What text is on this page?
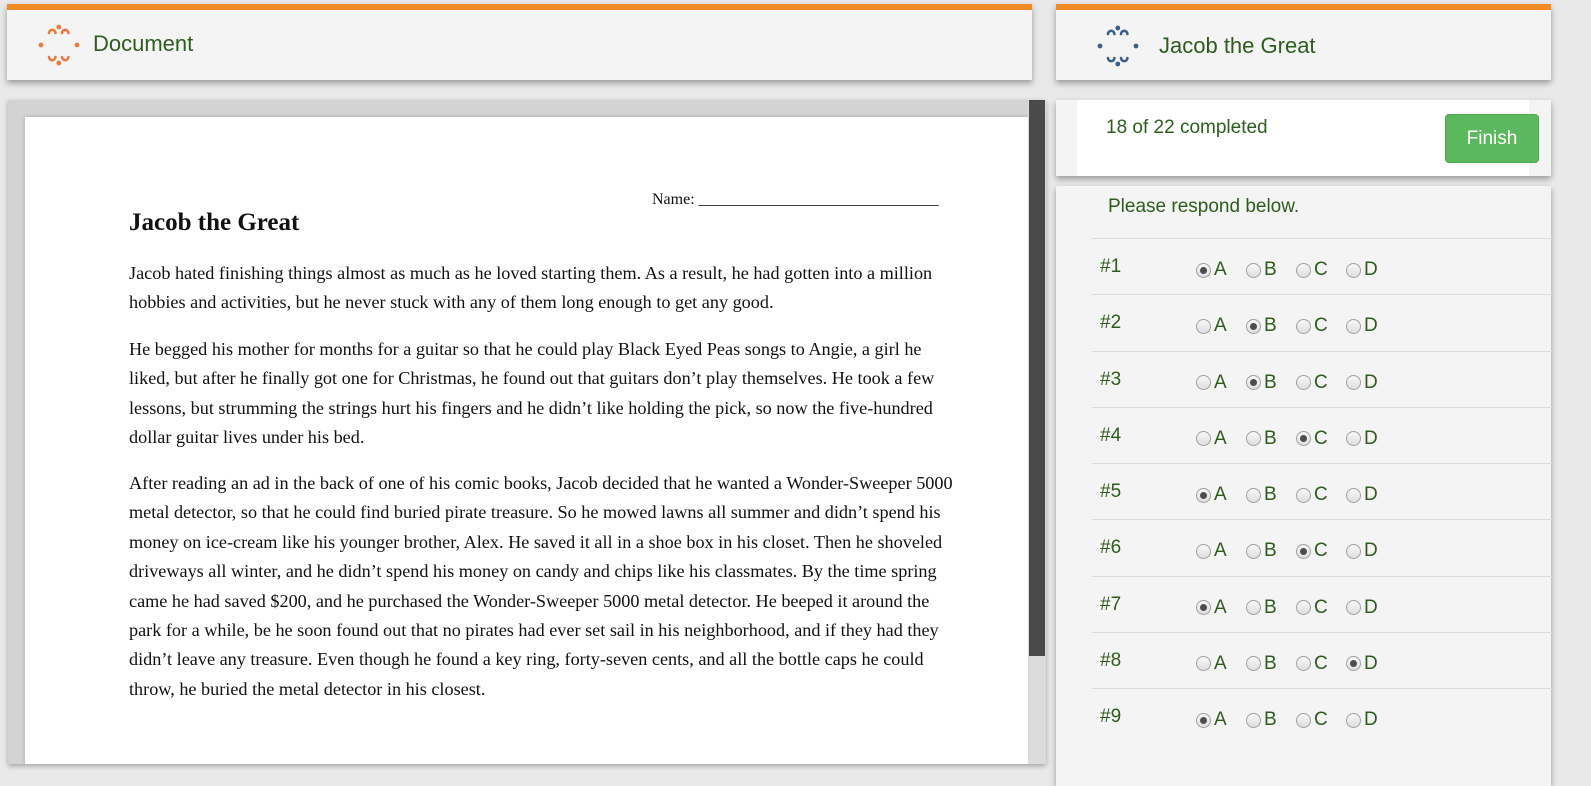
Document	Jacob the Great
Name: ______________________________
Jacob the Great

Jacob hated finishing things almost as much as he loved starting them. As a result, he had gotten into a million hobbies and activities, but he never stuck with any of them long enough to get any good.

He begged his mother for months for a guitar so that he could play Black Eyed Peas songs to Angie, a girl he liked, but after he finally got one for Christmas, he found out that guitars don’t play themselves. He took a few lessons, but strumming the strings hurt his fingers and he didn’t like holding the pick, so now the five-hundred dollar guitar lives under his bed.

After reading an ad in the back of one of his comic books, Jacob decided that he wanted a Wonder-Sweeper 5000 metal detector, so that he could find buried pirate treasure. So he mowed lawns all summer and didn’t spend his money on ice-cream like his younger brother, Alex. He saved it all in a shoe box in his closet. Then he shoveled driveways all winter, and he didn’t spend his money on candy and chips like his classmates. By the time spring came he had saved $200, and he purchased the Wonder-Sweeper 5000 metal detector. He beeped it around the park for a while, be he soon found out that no pirates had ever set sail in his neighborhood, and if they had they didn’t leave any treasure. Even though he found a key ring, forty-seven cents, and all the bottle caps he could throw, he buried the metal detector in his closest.

18 of 22 completed	Finish
Please respond below.
#1	A B C D
#2	A B C D
#3	A B C D
#4	A B C D
#5	A B C D
#6	A B C D
#7	A B C D
#8	A B C D
#9	A B C D
